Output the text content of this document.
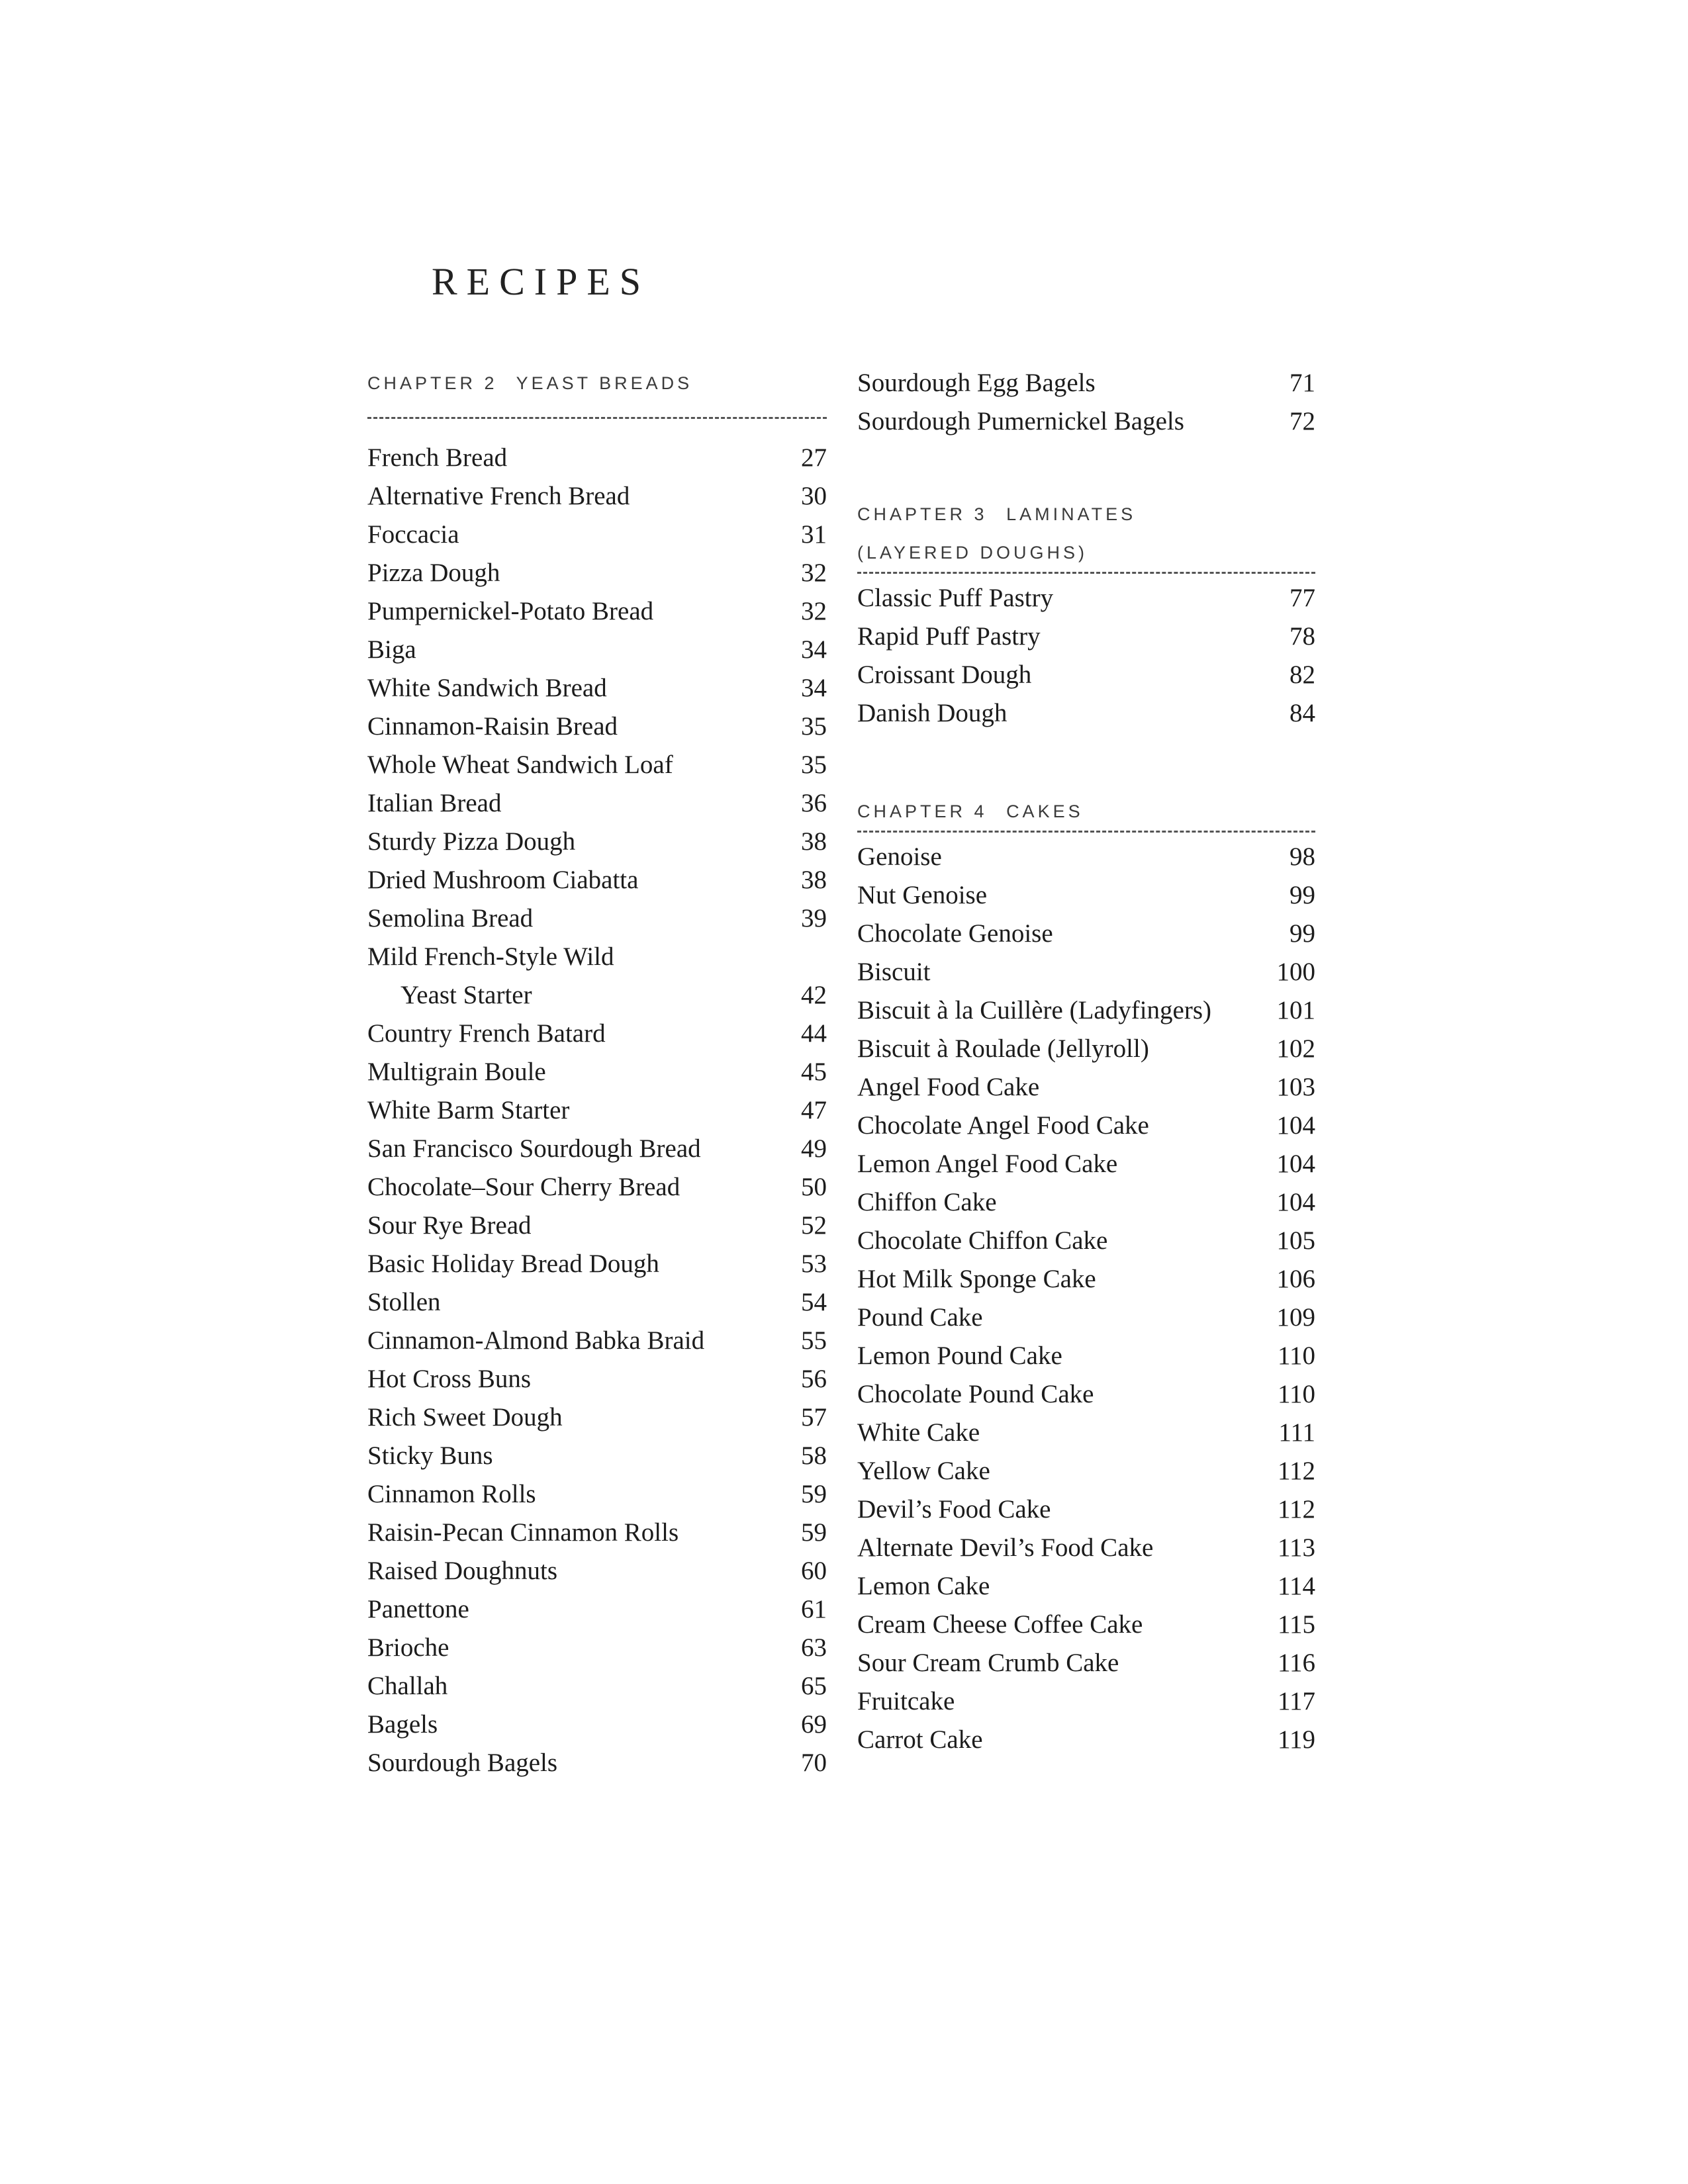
RECIPES
CHAPTER 2 YEAST BREADS
French Bread	27
Alternative French Bread	30
Foccacia	31
Pizza Dough	32
Pumpernickel-Potato Bread	32
Biga	34
White Sandwich Bread	34
Cinnamon-Raisin Bread	35
Whole Wheat Sandwich Loaf	35
Italian Bread	36
Sturdy Pizza Dough	38
Dried Mushroom Ciabatta	38
Semolina Bread	39
Mild French-Style Wild
Yeast Starter	42
Country French Batard	44
Multigrain Boule	45
White Barm Starter	47
San Francisco Sourdough Bread	49
Chocolate–Sour Cherry Bread	50
Sour Rye Bread	52
Basic Holiday Bread Dough	53
Stollen	54
Cinnamon-Almond Babka Braid	55
Hot Cross Buns	56
Rich Sweet Dough	57
Sticky Buns	58
Cinnamon Rolls	59
Raisin-Pecan Cinnamon Rolls	59
Raised Doughnuts	60
Panettone	61
Brioche	63
Challah	65
Bagels	69
Sourdough Bagels	70
Sourdough Egg Bagels	71
Sourdough Pumernickel Bagels	72
CHAPTER 3 LAMINATES
(LAYERED DOUGHS)
Classic Puff Pastry	77
Rapid Puff Pastry	78
Croissant Dough	82
Danish Dough	84
CHAPTER 4 CAKES
Genoise	98
Nut Genoise	99
Chocolate Genoise	99
Biscuit	100
Biscuit à la Cuillère (Ladyfingers)	101
Biscuit à Roulade (Jellyroll)	102
Angel Food Cake	103
Chocolate Angel Food Cake	104
Lemon Angel Food Cake	104
Chiffon Cake	104
Chocolate Chiffon Cake	105
Hot Milk Sponge Cake	106
Pound Cake	109
Lemon Pound Cake	110
Chocolate Pound Cake	110
White Cake	111
Yellow Cake	112
Devil’s Food Cake	112
Alternate Devil’s Food Cake	113
Lemon Cake	114
Cream Cheese Coffee Cake	115
Sour Cream Crumb Cake	116
Fruitcake	117
Carrot Cake	119
